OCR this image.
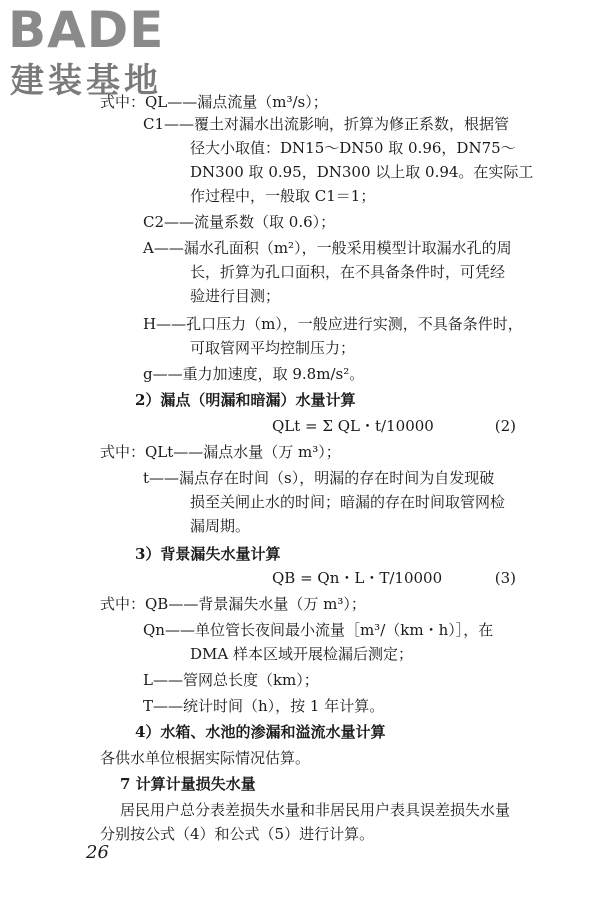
BADE
建装基地
式中：QL——漏点流量（m³/s）；
C1——覆土对漏水出流影响，折算为修正系数，根据管
径大小取值：DN15～DN50 取 0.96，DN75～
DN300 取 0.95，DN300 以上取 0.94。在实际工
作过程中，一般取 C1＝1；
C2——流量系数（取 0.6）；
A——漏水孔面积（m²），一般采用模型计取漏水孔的周
长，折算为孔口面积，在不具备条件时，可凭经
验进行目测；
H——孔口压力（m），一般应进行实测，不具备条件时，
可取管网平均控制压力；
g——重力加速度，取 9.8m/s²。
2）漏点（明漏和暗漏）水量计算
QLt = Σ QL・t/10000	(2)
式中：QLt——漏点水量（万 m³）；
t——漏点存在时间（s），明漏的存在时间为自发现破
损至关闸止水的时间；暗漏的存在时间取管网检
漏周期。
3）背景漏失水量计算
QB = Qn・L・T/10000	(3)
式中：QB——背景漏失水量（万 m³）；
Qn——单位管长夜间最小流量［m³/（km・h）］，在
DMA 样本区域开展检漏后测定；
L——管网总长度（km）；
T——统计时间（h），按 1 年计算。
4）水箱、水池的渗漏和溢流水量计算
各供水单位根据实际情况估算。
7 计算计量损失水量
居民用户总分表差损失水量和非居民用户表具误差损失水量
分别按公式（4）和公式（5）进行计算。
26
